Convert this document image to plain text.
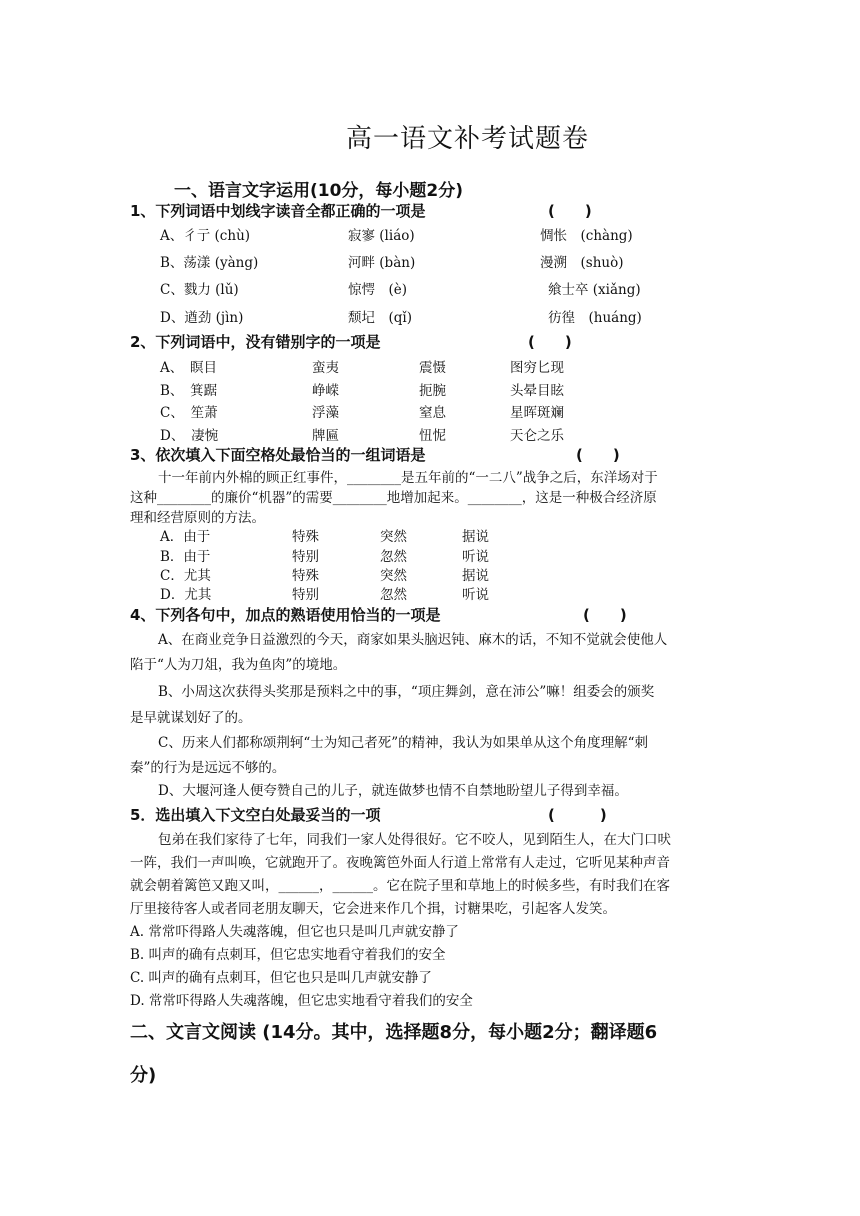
高一语文补考试题卷
一、语言文字运用(10分，每小题2分)
1、下列词语中划线字读音全都正确的一项是	(　　)
A、彳亍 (chù)	寂寥 (liáo)	惆怅　(chàng)
B、荡漾 (yàng)	河畔 (bàn)	漫溯　(shuò)
C、戮力 (lǔ)	惊愕　(è)	飨士卒 (xiǎng)
D、遒劲 (jìn)	颓圮　(qǐ)	彷徨　(huáng)
2、下列词语中，没有错别字的一项是	(　　)
A、　瞑目	蛮夷	震慑	图穷匕现
B、　箕踞	峥嵘	扼腕	头晕目眩
C、　笙萧	浮藻	窒息	星晖斑斓
D、　凄惋	牌匾	忸怩	天仑之乐
3、依次填入下面空格处最恰当的一组词语是	(　　)
十一年前内外棉的顾正红事件，________是五年前的“一二八”战争之后，东洋场对于
这种________的廉价“机器”的需要________地增加起来。________，这是一种极合经济原
理和经营原则的方法。
A．由于	特殊	突然	据说
B．由于	特别	忽然	听说
C．尤其	特殊	突然	据说
D．尤其	特别	忽然	听说
4、下列各句中，加点的熟语使用恰当的一项是	(　　)
A、在商业竞争日益激烈的今天，商家如果头脑迟钝、麻木的话，不知不觉就会使他人
陷于“人为刀俎，我为鱼肉”的境地。
B、小周这次获得头奖那是预料之中的事，“项庄舞剑，意在沛公”嘛！组委会的颁奖
是早就谋划好了的。
C、历来人们都称颂荆轲“士为知己者死”的精神，我认为如果单从这个角度理解“刺
秦”的行为是远远不够的。
D、大堰河逢人便夸赞自己的儿子，就连做梦也情不自禁地盼望儿子得到幸福。
5．选出填入下文空白处最妥当的一项	(　　　)
包弟在我们家待了七年，同我们一家人处得很好。它不咬人，见到陌生人，在大门口吠
一阵，我们一声叫唤，它就跑开了。夜晚篱笆外面人行道上常常有人走过，它听见某种声音
就会朝着篱笆又跑又叫，______，______。它在院子里和草地上的时候多些，有时我们在客
厅里接待客人或者同老朋友聊天，它会进来作几个揖，讨糖果吃，引起客人发笑。
A. 常常吓得路人失魂落魄，但它也只是叫几声就安静了
B. 叫声的确有点刺耳，但它忠实地看守着我们的安全
C. 叫声的确有点刺耳，但它也只是叫几声就安静了
D. 常常吓得路人失魂落魄，但它忠实地看守着我们的安全
二、文言文阅读 (14分。其中，选择题8分，每小题2分；翻译题6
分)
